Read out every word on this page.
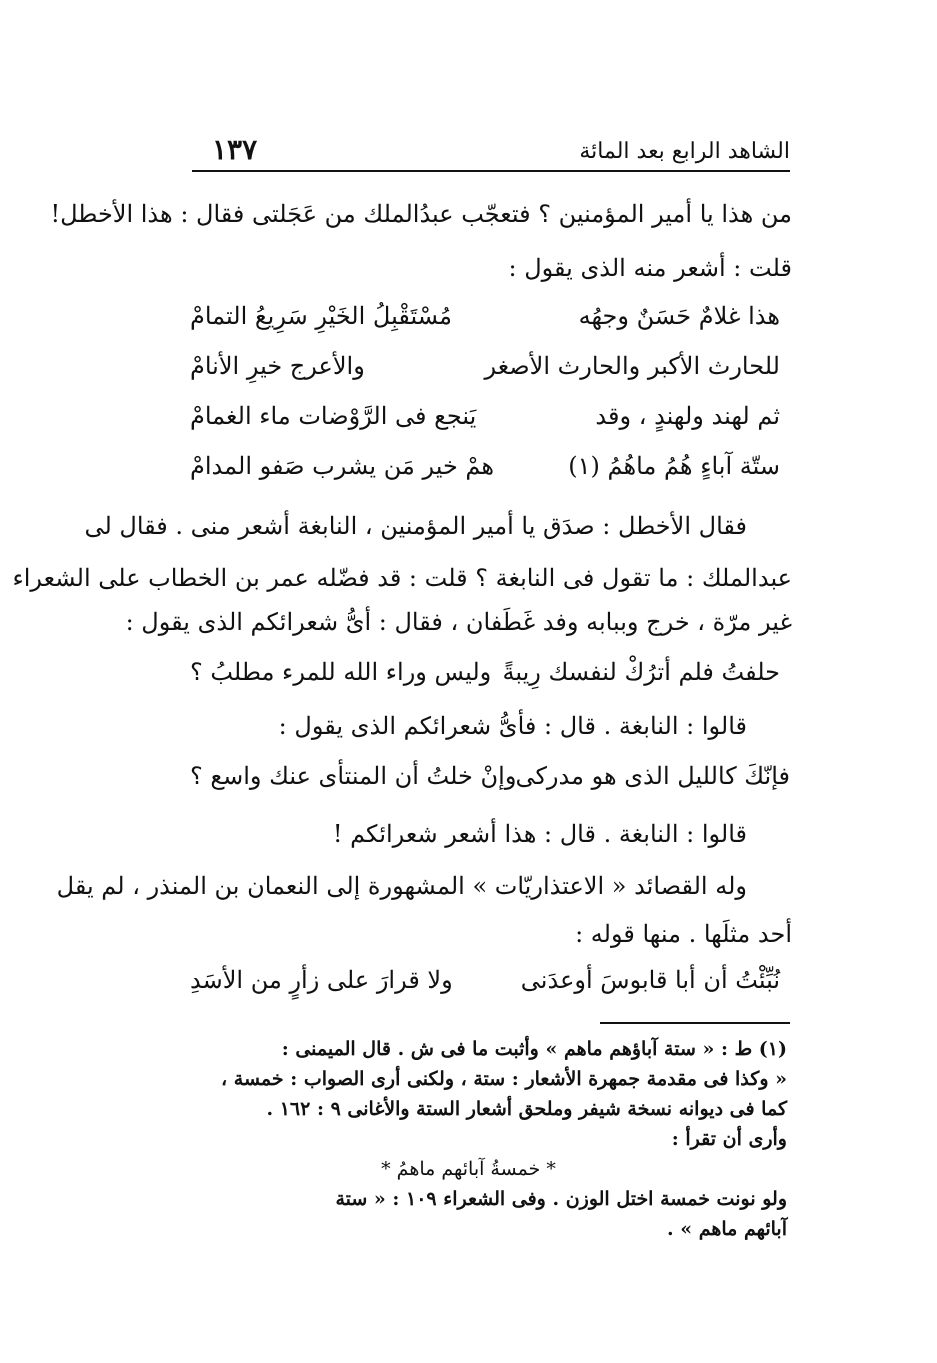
الشاهد الرابع بعد المائة
١٣٧
من هذا يا أمير المؤمنين ؟ فتعجّب عبدُالملك من عَجَلتى فقال : هذا الأخطل!
قلت : أشعر منه الذى يقول :
هذا غلامٌ حَسَنٌ وجهُه
مُسْتَقْبِلُ الخَيْرِ سَرِيعُ التمامْ
للحارث الأكبر والحارث الأصغر
والأعرج خيرِ الأنامْ
ثم لهند ولهندٍ ، وقد
يَنجع فى الرَّوْضات ماء الغمامْ
ستّة آباءٍ هُمُ ماهُمُ (١)
همْ خير مَن يشرب صَفو المدامْ
فقال الأخطل : صدَق يا أمير المؤمنين ، النابغة أشعر منى . فقال لى
عبدالملك : ما تقول فى النابغة ؟ قلت : قد فضّله عمر بن الخطاب على الشعراء
غير مرّة ، خرج وببابه وفد غَطَفان ، فقال : أىُّ شعرائكم الذى يقول :
حلفتُ فلم أترُكْ لنفسك رِيبةً
وليس وراء الله للمرء مطلبُ ؟
قالوا : النابغة . قال : فأىُّ شعرائكم الذى يقول :
فإنّكَ كالليل الذى هو مدركى
وإنْ خلتُ أن المنتأى عنك واسع ؟
قالوا : النابغة . قال : هذا أشعر شعرائكم !
وله القصائد « الاعتذاريّات » المشهورة إلى النعمان بن المنذر ، لم يقل
أحد مثلَها . منها قوله :
نُبِّئْتُ أن أبا قابوسَ أوعدَنى
ولا قرارَ على زأرٍ من الأسَدِ
(١) ط : « ستة آباؤهم ماهم » وأثبت ما فى ش . قال الميمنى :
« وكذا فى مقدمة جمهرة الأشعار : ستة ، ولكنى أرى الصواب : خمسة ،
كما فى ديوانه نسخة شيفر وملحق أشعار الستة والأغانى ٩ : ١٦٢ .
وأرى أن تقرأ :
* خمسةُ آبائهم ماهمُ *
ولو نونت خمسة اختل الوزن . وفى الشعراء ١٠٩ : « ستة
آبائهم ماهم » .
